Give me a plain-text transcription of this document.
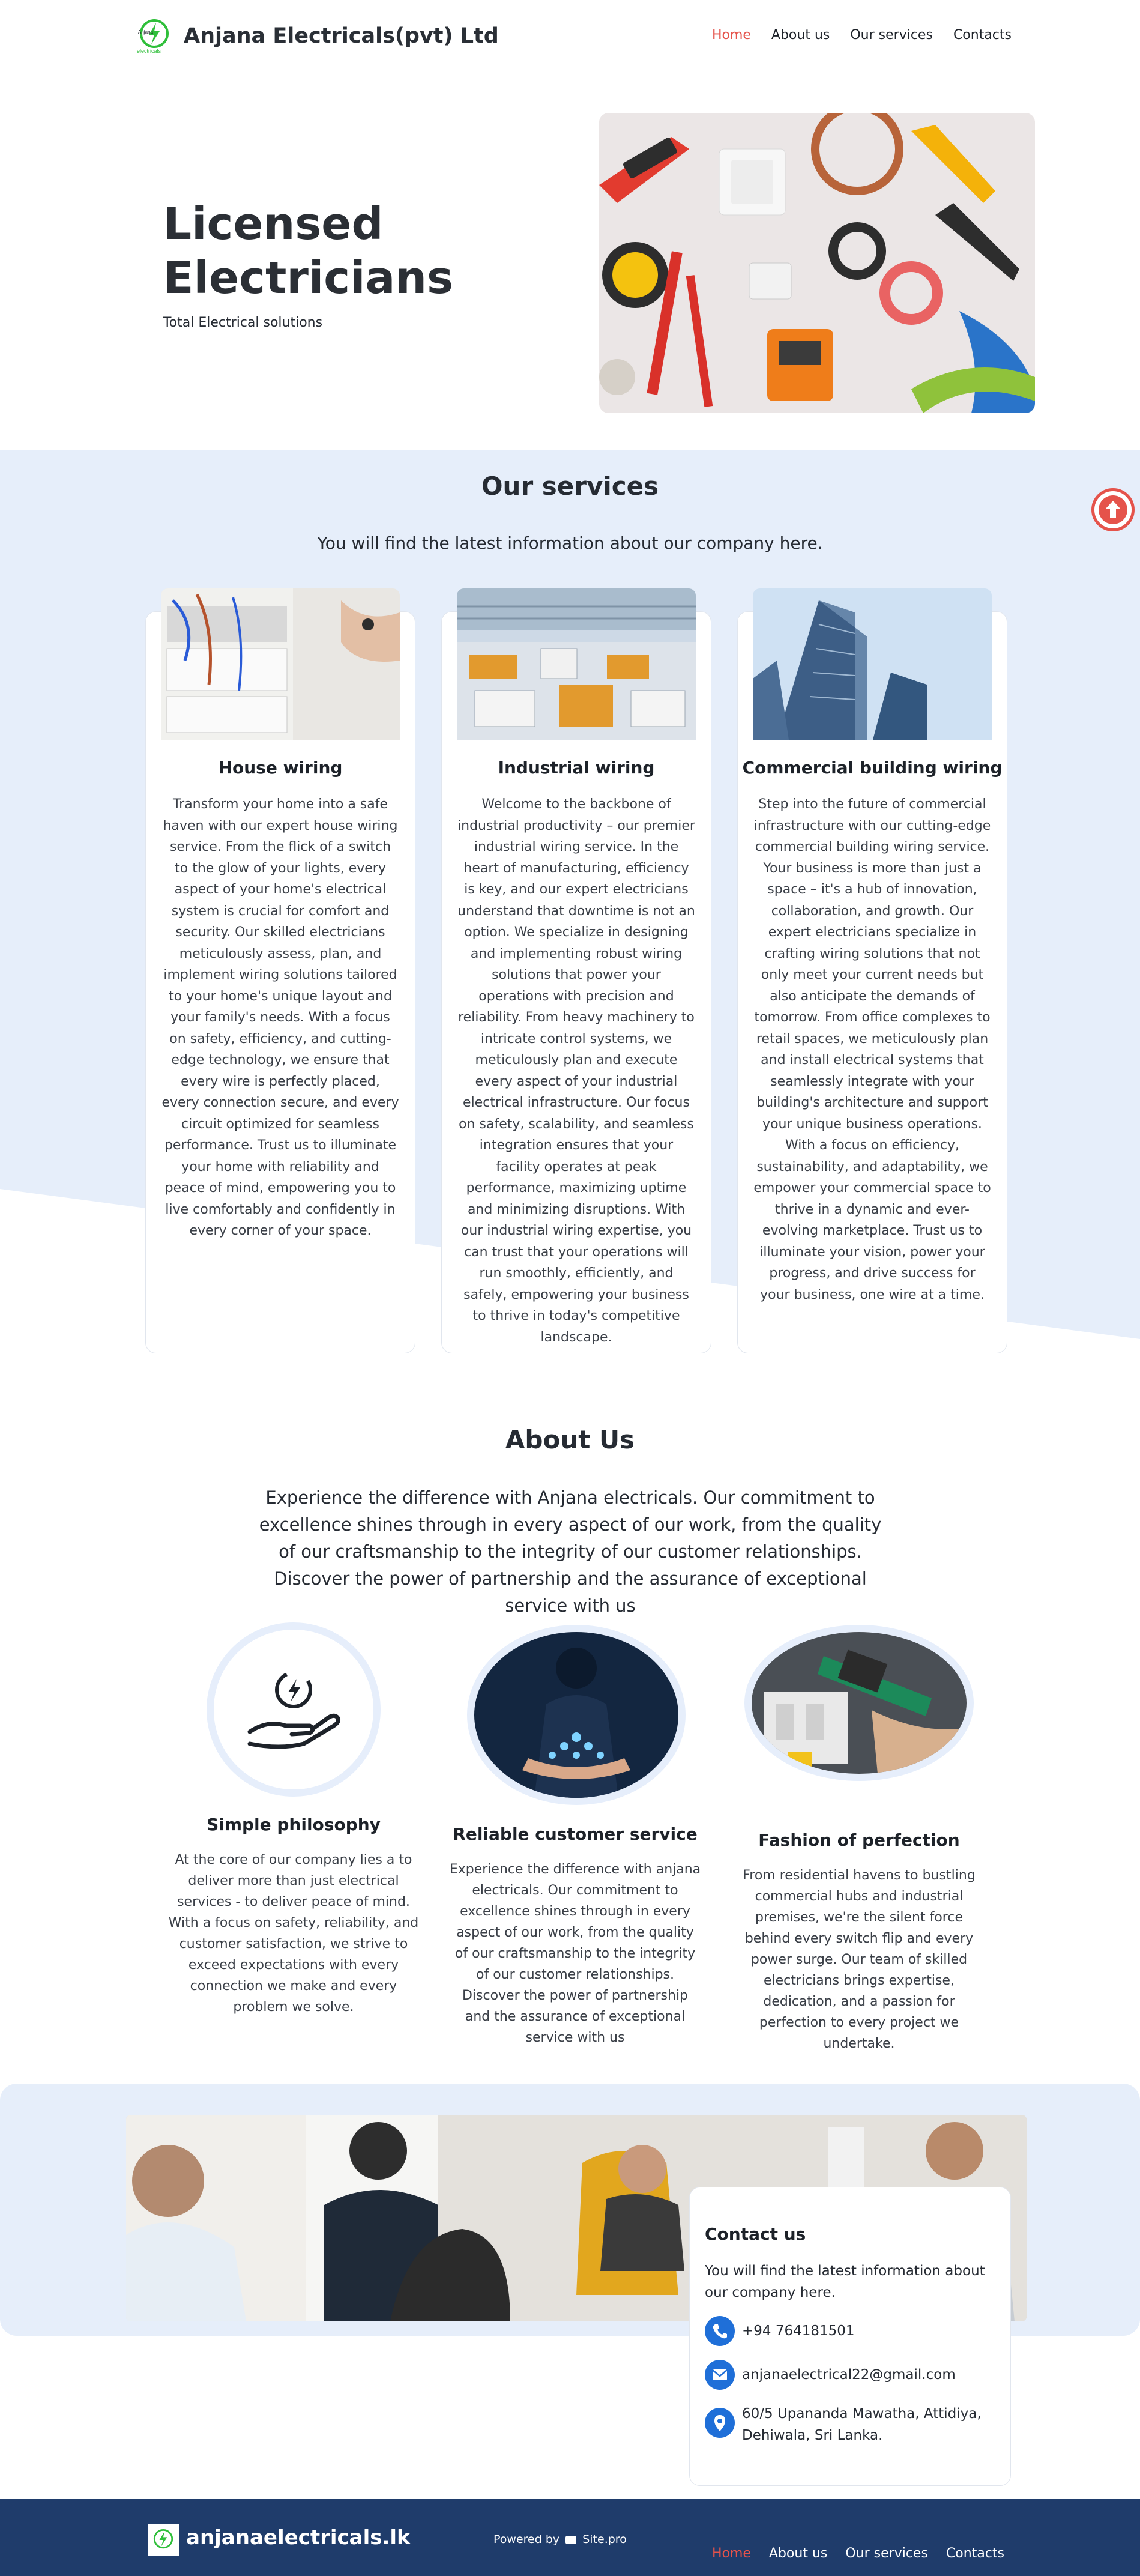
Anjana
electricals
Anjana Electricals(pvt) Ltd	Home About us Our services Contacts
Licensed
Electricians
Total Electrical solutions
Our services
You will find the latest information about our company here.
House wiring
Transform your home into a safe haven with our expert house wiring service. From the flick of a switch to the glow of your lights, every aspect of your home's electrical system is crucial for comfort and security. Our skilled electricians meticulously assess, plan, and implement wiring solutions tailored to your home's unique layout and your family's needs. With a focus on safety, efficiency, and cutting-edge technology, we ensure that every wire is perfectly placed, every connection secure, and every circuit optimized for seamless performance. Trust us to illuminate your home with reliability and peace of mind, empowering you to live comfortably and confidently in every corner of your space.
Industrial wiring
Welcome to the backbone of industrial productivity – our premier industrial wiring service. In the heart of manufacturing, efficiency is key, and our expert electricians understand that downtime is not an option. We specialize in designing and implementing robust wiring solutions that power your operations with precision and reliability. From heavy machinery to intricate control systems, we meticulously plan and execute every aspect of your industrial electrical infrastructure. Our focus on safety, scalability, and seamless integration ensures that your facility operates at peak performance, maximizing uptime and minimizing disruptions. With our industrial wiring expertise, you can trust that your operations will run smoothly, efficiently, and safely, empowering your business to thrive in today's competitive landscape.
Commercial building wiring
Step into the future of commercial infrastructure with our cutting-edge commercial building wiring service. Your business is more than just a space – it's a hub of innovation, collaboration, and growth. Our expert electricians specialize in crafting wiring solutions that not only meet your current needs but also anticipate the demands of tomorrow. From office complexes to retail spaces, we meticulously plan and install electrical systems that seamlessly integrate with your building's architecture and support your unique business operations. With a focus on efficiency, sustainability, and adaptability, we empower your commercial space to thrive in a dynamic and ever-evolving marketplace. Trust us to illuminate your vision, power your progress, and drive success for your business, one wire at a time.
About Us
Experience the difference with Anjana electricals. Our commitment to excellence shines through in every aspect of our work, from the quality of our craftsmanship to the integrity of our customer relationships. Discover the power of partnership and the assurance of exceptional service with us
Simple philosophy
At the core of our company lies a to deliver more than just electrical services - to deliver peace of mind. With a focus on safety, reliability, and customer satisfaction, we strive to exceed expectations with every connection we make and every problem we solve.
Reliable customer service
Experience the difference with anjana electricals. Our commitment to excellence shines through in every aspect of our work, from the quality of our craftsmanship to the integrity of our customer relationships. Discover the power of partnership and the assurance of exceptional service with us
Fashion of perfection
From residential havens to bustling commercial hubs and industrial premises, we're the silent force behind every switch flip and every power surge. Our team of skilled electricians brings expertise, dedication, and a passion for perfection to every project we undertake.
Contact us
You will find the latest information about our company here.
+94 764181501
anjanaelectrical22@gmail.com
60/5 Upananda Mawatha, Attidiya, Dehiwala, Sri Lanka.
anjanaelectricals.lk	Powered by Site.pro
Home About us Our services Contacts
